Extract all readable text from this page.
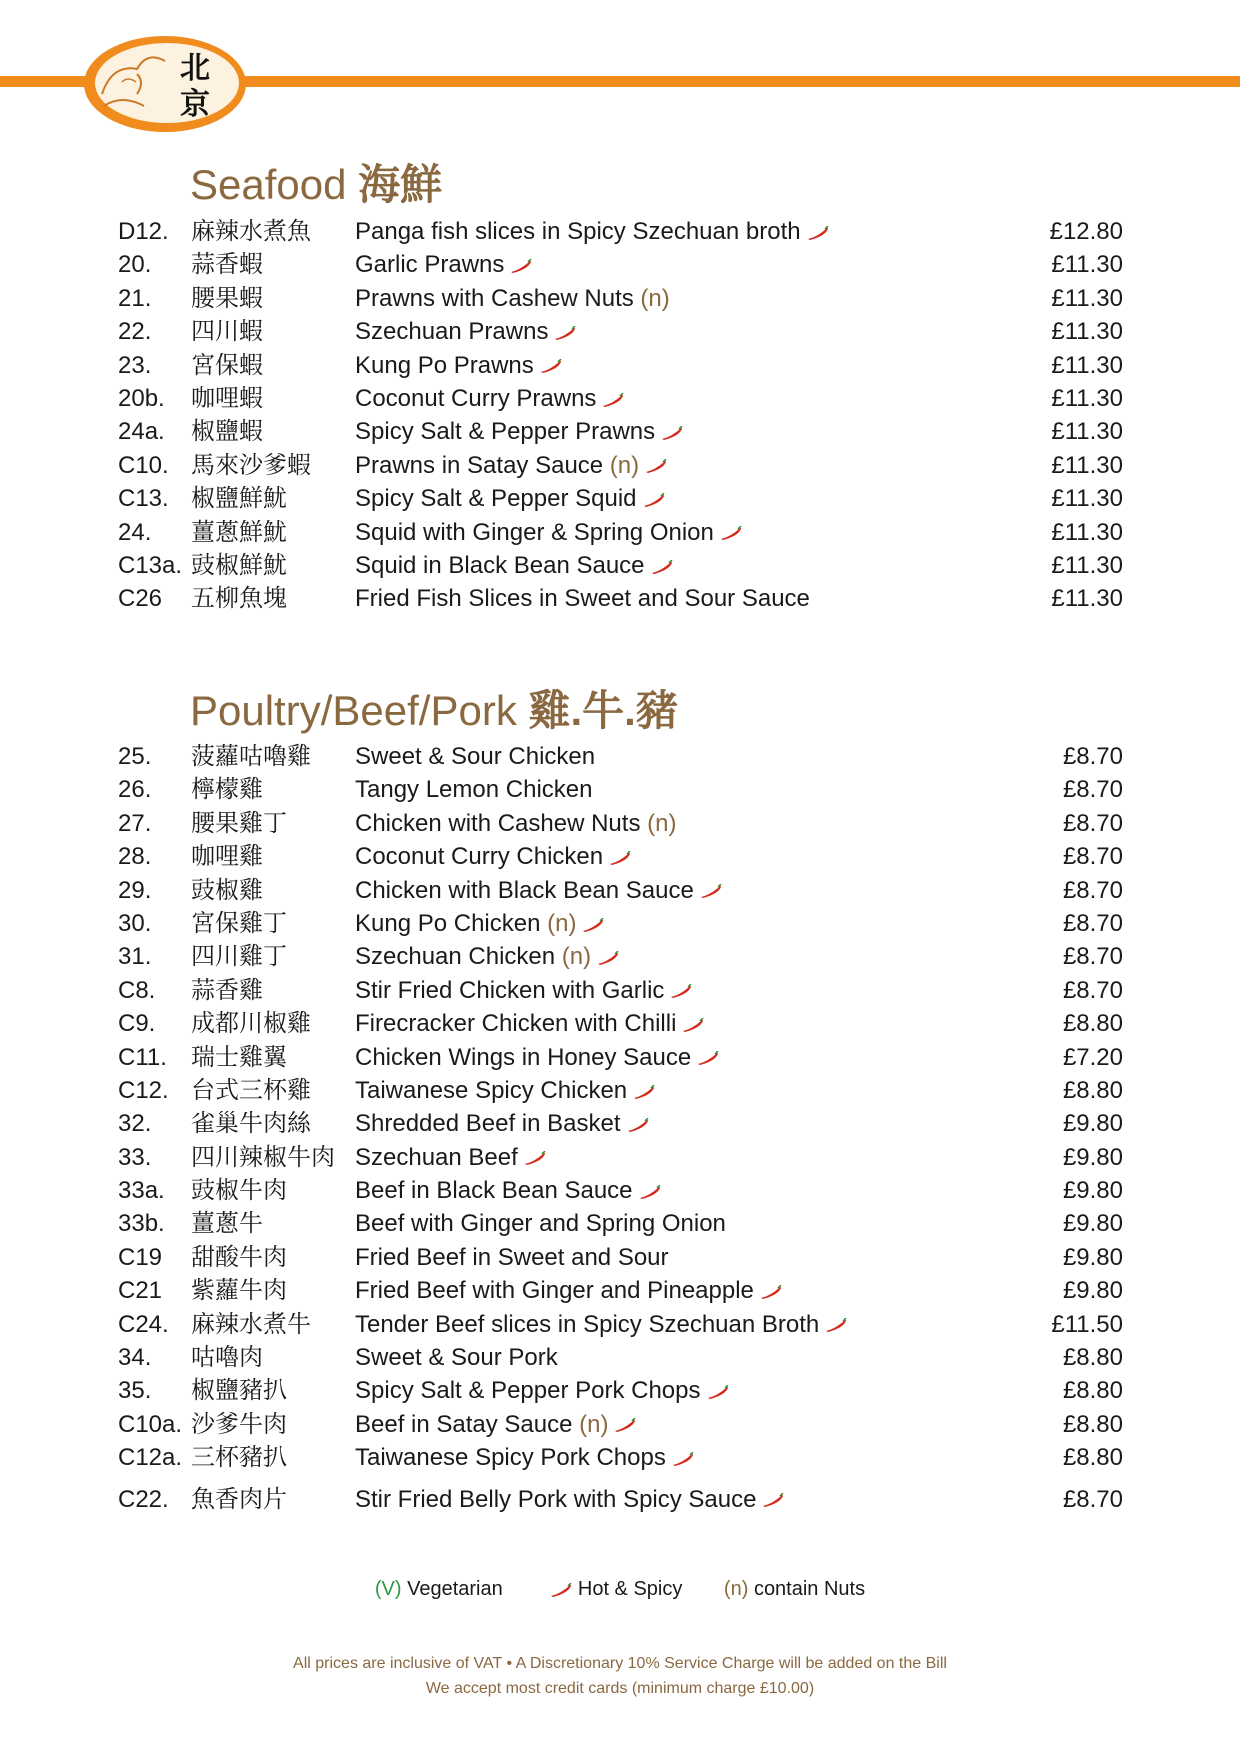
北
京
Seafood 海鮮
D12. 麻辣水煮魚 Panga fish slices in Spicy Szechuan broth	£12.80
20. 蒜香蝦	Garlic Prawns	£11.30
21. 腰果蝦	Prawns with Cashew Nuts (n)	£11.30
22. 四川蝦	Szechuan Prawns	£11.30
23. 宮保蝦	Kung Po Prawns	£11.30
20b. 咖哩蝦	Coconut Curry Prawns	£11.30
24a. 椒鹽蝦	Spicy Salt & Pepper Prawns	£11.30
C10. 馬來沙爹蝦 Prawns in Satay Sauce (n)	£11.30
C13. 椒鹽鮮魷	Spicy Salt & Pepper Squid	£11.30
24. 薑蔥鮮魷	Squid with Ginger & Spring Onion	£11.30
C13a. 豉椒鮮魷	Squid in Black Bean Sauce	£11.30
C26 五柳魚塊	Fried Fish Slices in Sweet and Sour Sauce	£11.30
Poultry/Beef/Pork 雞.牛.豬
25. 菠蘿咕嚕雞 Sweet & Sour Chicken	£8.70
26. 檸檬雞	Tangy Lemon Chicken	£8.70
27. 腰果雞丁	Chicken with Cashew Nuts (n)	£8.70
28. 咖哩雞	Coconut Curry Chicken	£8.70
29. 豉椒雞	Chicken with Black Bean Sauce	£8.70
30. 宮保雞丁	Kung Po Chicken (n)	£8.70
31. 四川雞丁	Szechuan Chicken (n)	£8.70
C8. 蒜香雞	Stir Fried Chicken with Garlic	£8.70
C9. 成都川椒雞 Firecracker Chicken with Chilli	£8.80
C11. 瑞士雞翼	Chicken Wings in Honey Sauce	£7.20
C12. 台式三杯雞 Taiwanese Spicy Chicken	£8.80
32. 雀巢牛肉絲 Shredded Beef in Basket	£9.80
33. 四川辣椒牛肉 Szechuan Beef	£9.80
33a. 豉椒牛肉	Beef in Black Bean Sauce	£9.80
33b. 薑蔥牛	Beef with Ginger and Spring Onion	£9.80
C19 甜酸牛肉	Fried Beef in Sweet and Sour	£9.80
C21 紫蘿牛肉	Fried Beef with Ginger and Pineapple	£9.80
C24. 麻辣水煮牛 Tender Beef slices in Spicy Szechuan Broth	£11.50
34. 咕嚕肉	Sweet & Sour Pork	£8.80
35. 椒鹽豬扒	Spicy Salt & Pepper Pork Chops	£8.80
C10a. 沙爹牛肉	Beef in Satay Sauce (n)	£8.80
C12a. 三杯豬扒	Taiwanese Spicy Pork Chops	£8.80
C22. 魚香肉片	Stir Fried Belly Pork with Spicy Sauce	£8.70
(V) Vegetarian	Hot & Spicy (n) contain Nuts
All prices are inclusive of VAT • A Discretionary 10% Service Charge will be added on the Bill
We accept most credit cards (minimum charge £10.00)
